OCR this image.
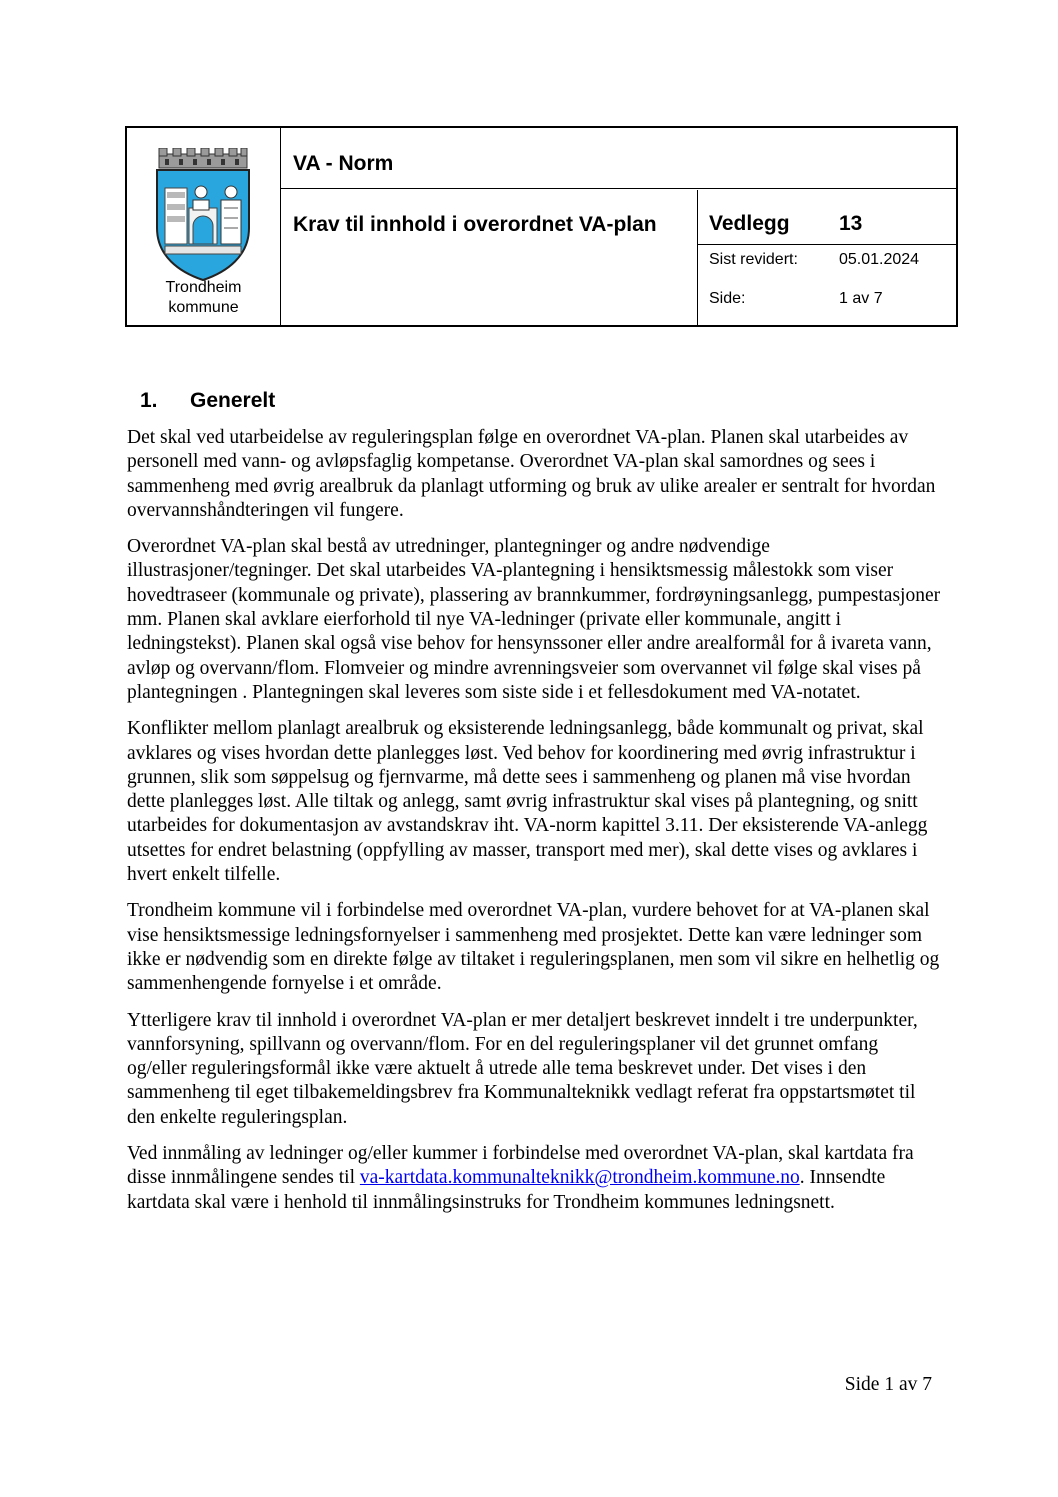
Trondheim
kommune
VA - Norm
Krav til innhold i overordnet VA-plan	Vedlegg 13
Sist revidert:	05.01.2024
Side:	1 av 7
1. Generelt

Det skal ved utarbeidelse av reguleringsplan følge en overordnet VA-plan. Planen skal utarbeides av personell med vann- og avløpsfaglig kompetanse. Overordnet VA-plan skal samordnes og sees i sammenheng med øvrig arealbruk da planlagt utforming og bruk av ulike arealer er sentralt for hvordan overvannshåndteringen vil fungere.

Overordnet VA-plan skal bestå av utredninger, plantegninger og andre nødvendige illustrasjoner/tegninger. Det skal utarbeides VA-plantegning i hensiktsmessig målestokk som viser hovedtraseer (kommunale og private), plassering av brannkummer, fordrøyningsanlegg, pumpestasjoner mm. Planen skal avklare eierforhold til nye VA-ledninger (private eller kommunale, angitt i ledningstekst). Planen skal også vise behov for hensynssoner eller andre arealformål for å ivareta vann, avløp og overvann/flom. Flomveier og mindre avrenningsveier som overvannet vil følge skal vises på plantegningen . Plantegningen skal leveres som siste side i et fellesdokument med VA-notatet.

Konflikter mellom planlagt arealbruk og eksisterende ledningsanlegg, både kommunalt og privat, skal avklares og vises hvordan dette planlegges løst. Ved behov for koordinering med øvrig infrastruktur i grunnen, slik som søppelsug og fjernvarme, må dette sees i sammenheng og planen må vise hvordan dette planlegges løst. Alle tiltak og anlegg, samt øvrig infrastruktur skal vises på plantegning, og snitt utarbeides for dokumentasjon av avstandskrav iht. VA-norm kapittel 3.11. Der eksisterende VA-anlegg utsettes for endret belastning (oppfylling av masser, transport med mer), skal dette vises og avklares i hvert enkelt tilfelle.

Trondheim kommune vil i forbindelse med overordnet VA-plan, vurdere behovet for at VA-planen skal vise hensiktsmessige ledningsfornyelser i sammenheng med prosjektet. Dette kan være ledninger som ikke er nødvendig som en direkte følge av tiltaket i reguleringsplanen, men som vil sikre en helhetlig og sammenhengende fornyelse i et område.

Ytterligere krav til innhold i overordnet VA-plan er mer detaljert beskrevet inndelt i tre underpunkter, vannforsyning, spillvann og overvann/flom. For en del reguleringsplaner vil det grunnet omfang og/eller reguleringsformål ikke være aktuelt å utrede alle tema beskrevet under. Det vises i den sammenheng til eget tilbakemeldingsbrev fra Kommunalteknikk vedlagt referat fra oppstartsmøtet til den enkelte reguleringsplan.

Ved innmåling av ledninger og/eller kummer i forbindelse med overordnet VA-plan, skal kartdata fra disse innmålingene sendes til va-kartdata.kommunalteknikk@trondheim.kommune.no. Innsendte kartdata skal være i henhold til innmålingsinstruks for Trondheim kommunes ledningsnett.

Side 1 av 7
